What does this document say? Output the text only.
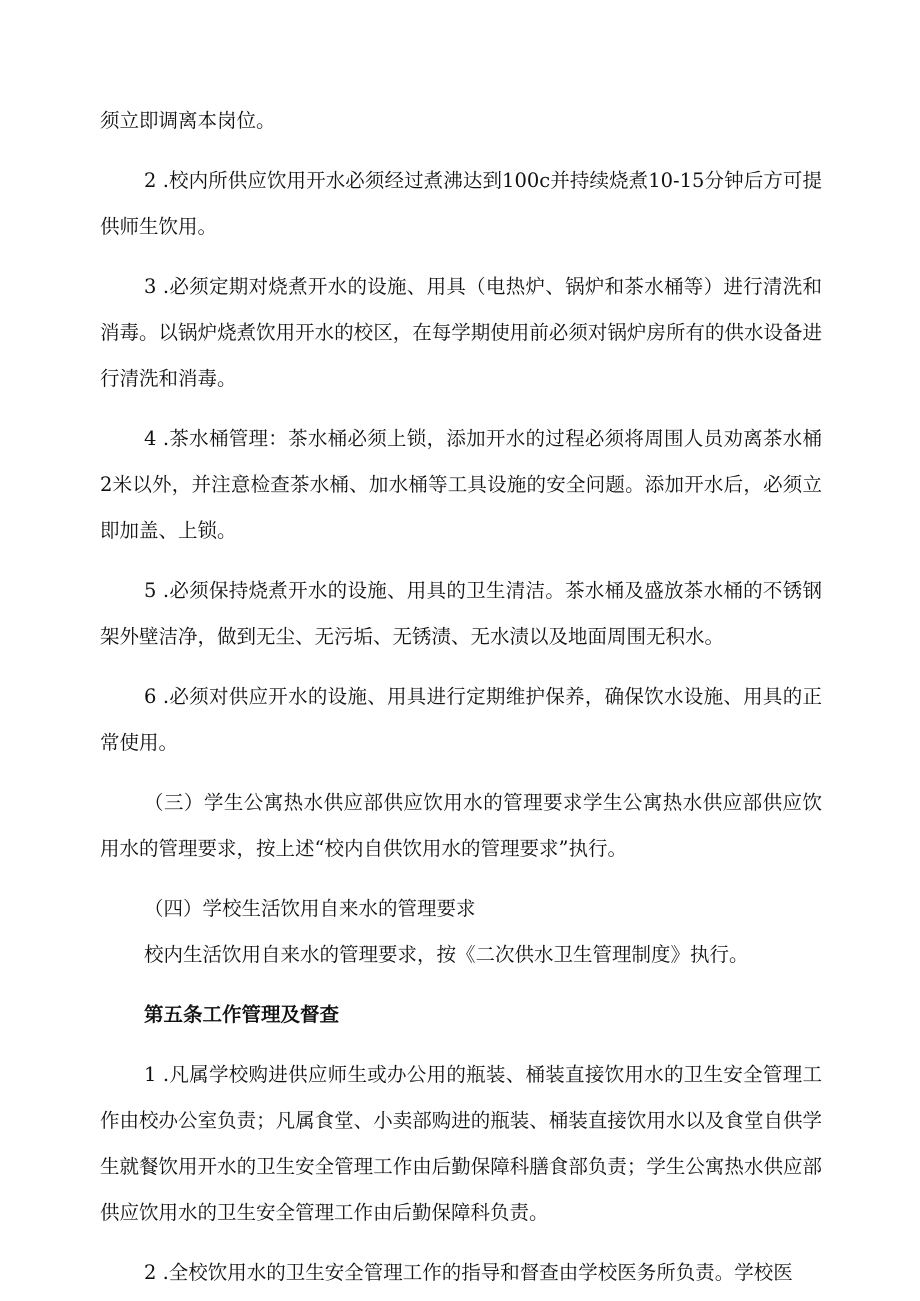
须立即调离本岗位。

2 .校内所供应饮用开水必须经过煮沸达到100c并持续烧煮10-15分钟后方可提供师生饮用。

3 .必须定期对烧煮开水的设施、用具（电热炉、锅炉和茶水桶等）进行清洗和消毒。以锅炉烧煮饮用开水的校区，在每学期使用前必须对锅炉房所有的供水设备进行清洗和消毒。

4 .茶水桶管理：茶水桶必须上锁，添加开水的过程必须将周围人员劝离茶水桶2米以外，并注意检查茶水桶、加水桶等工具设施的安全问题。添加开水后，必须立即加盖、上锁。

5 .必须保持烧煮开水的设施、用具的卫生清洁。茶水桶及盛放茶水桶的不锈钢架外壁洁净，做到无尘、无污垢、无锈渍、无水渍以及地面周围无积水。

6 .必须对供应开水的设施、用具进行定期维护保养，确保饮水设施、用具的正常使用。

（三）学生公寓热水供应部供应饮用水的管理要求学生公寓热水供应部供应饮用水的管理要求，按上述“校内自供饮用水的管理要求”执行。

（四）学校生活饮用自来水的管理要求

校内生活饮用自来水的管理要求，按《二次供水卫生管理制度》执行。

第五条工作管理及督查

1 .凡属学校购进供应师生或办公用的瓶装、桶装直接饮用水的卫生安全管理工作由校办公室负责；凡属食堂、小卖部购进的瓶装、桶装直接饮用水以及食堂自供学生就餐饮用开水的卫生安全管理工作由后勤保障科膳食部负责；学生公寓热水供应部供应饮用水的卫生安全管理工作由后勤保障科负责。

2 .全校饮用水的卫生安全管理工作的指导和督查由学校医务所负责。学校医
